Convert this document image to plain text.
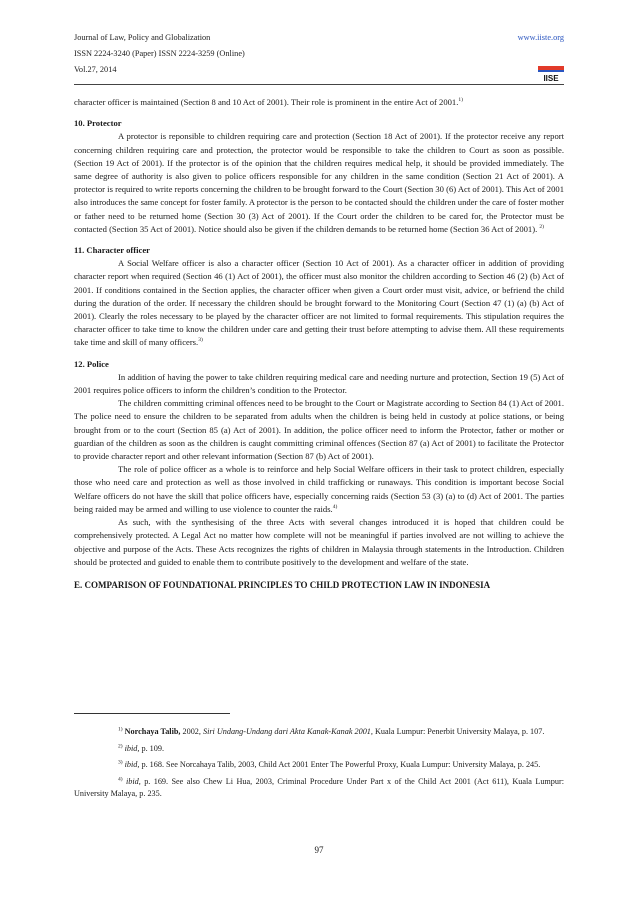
Journal of Law, Policy and Globalization
ISSN 2224-3240 (Paper) ISSN 2224-3259 (Online)
Vol.27, 2014
www.iiste.org
IISE

character officer is maintained (Section 8 and 10 Act of 2001). Their role is prominent in the entire Act of 2001.$^{1)}$

10. Protector

A protector is reponsible to children requiring care and protection (Section 18 Act of 2001). If the protector receive any report concerning children requiring care and protection, the protector would be responsible to take the children to Court as soon as possible. (Section 19 Act of 2001). If the protector is of the opinion that the children requires medical help, it should be provided immediately. The same degree of authority is also given to police officers responsible for any children in the same condition (Section 21 Act of 2001). A protector is required to write reports concerning the children to be brought forward to the Court (Section 30 (6) Act of 2001). This Act of 2001 also introduces the same concept for foster family. A protector is the person to be contacted should the children under the care of foster mother or father need to be returned home (Section 30 (3) Act of 2001). If the Court order the children to be cared for, the Protector must be contacted (Section 35 Act of 2001). Notice should also be given if the children demands to be returned home (Section 36 Act of 2001). $^{2)}$

11. Character officer

A Social Welfare officer is also a character officer (Section 10 Act of 2001). As a character officer in addition of providing character report when required (Section 46 (1) Act of 2001), the officer must also monitor the children according to Section 46 (2) (b) Act of 2001. If conditions contained in the Section applies, the character officer when given a Court order must visit, advice, or befriend the child during the duration of the order. If necessary the children should be brought forward to the Monitoring Court (Section 47 (1) (a) (b) Act of 2001). Clearly the roles necessary to be played by the character officer are not limited to formal requirements. This stipulation requires the character officer to take time to know the children under care and getting their trust before attempting to advise them. All these requirements take time and skill of many officers.$^{3)}$

12. Police

In addition of having the power to take children requiring medical care and needing nurture and protection, Section 19 (5) Act of 2001 requires police officers to inform the children’s condition to the Protector.

The children committing criminal offences need to be brought to the Court or Magistrate according to Section 84 (1) Act of 2001. The police need to ensure the children to be separated from adults when the children is being held in custody at police stations, or being brought from or to the court (Section 85 (a) Act of 2001). In addition, the police officer need to inform the Protector, father or mother or guardian of the children as soon as the children is caught committing criminal offences (Section 87 (a) Act of 2001) to facilitate the Protector to provide character report and other relevant information (Section 87 (b) Act of 2001).

The role of police officer as a whole is to reinforce and help Social Welfare officers in their task to protect children, especially those who need care and protection as well as those involved in child trafficking or runaways. This condition is important becose Social Welfare officers do not have the skill that police officers have, especially concerning raids (Section 53 (3) (a) to (d) Act of 2001. The parties being raided may be armed and willing to use violence to counter the raids.$^{4)}$

As such, with the synthesising of the three Acts with several changes introduced it is hoped that children could be comprehensively protected. A Legal Act no matter how complete will not be meaningful if parties involved are not willing to achieve the objective and purpose of the Acts. These Acts recognizes the rights of children in Malaysia through statements in the Introduction. Children should be protected and guided to enable them to contribute positively to the development and welfare of the state.

E. COMPARISON OF FOUNDATIONAL PRINCIPLES TO CHILD PROTECTION LAW IN INDONESIA

$^{1)}$ Norchaya Talib, 2002, Siri Undang-Undang dari Akta Kanak-Kanak 2001, Kuala Lumpur: Penerbit University Malaya, p. 107.

$^{2)}$ ibid, p. 109.

$^{3)}$ ibid, p. 168. See Norcahaya Talib, 2003, Child Act 2001 Enter The Powerful Proxy, Kuala Lumpur: University Malaya, p. 245.

$^{4)}$ ibid, p. 169. See also Chew Li Hua, 2003, Criminal Procedure Under Part x of the Child Act 2001 (Act 611), Kuala Lumpur: University Malaya, p. 235.

97
